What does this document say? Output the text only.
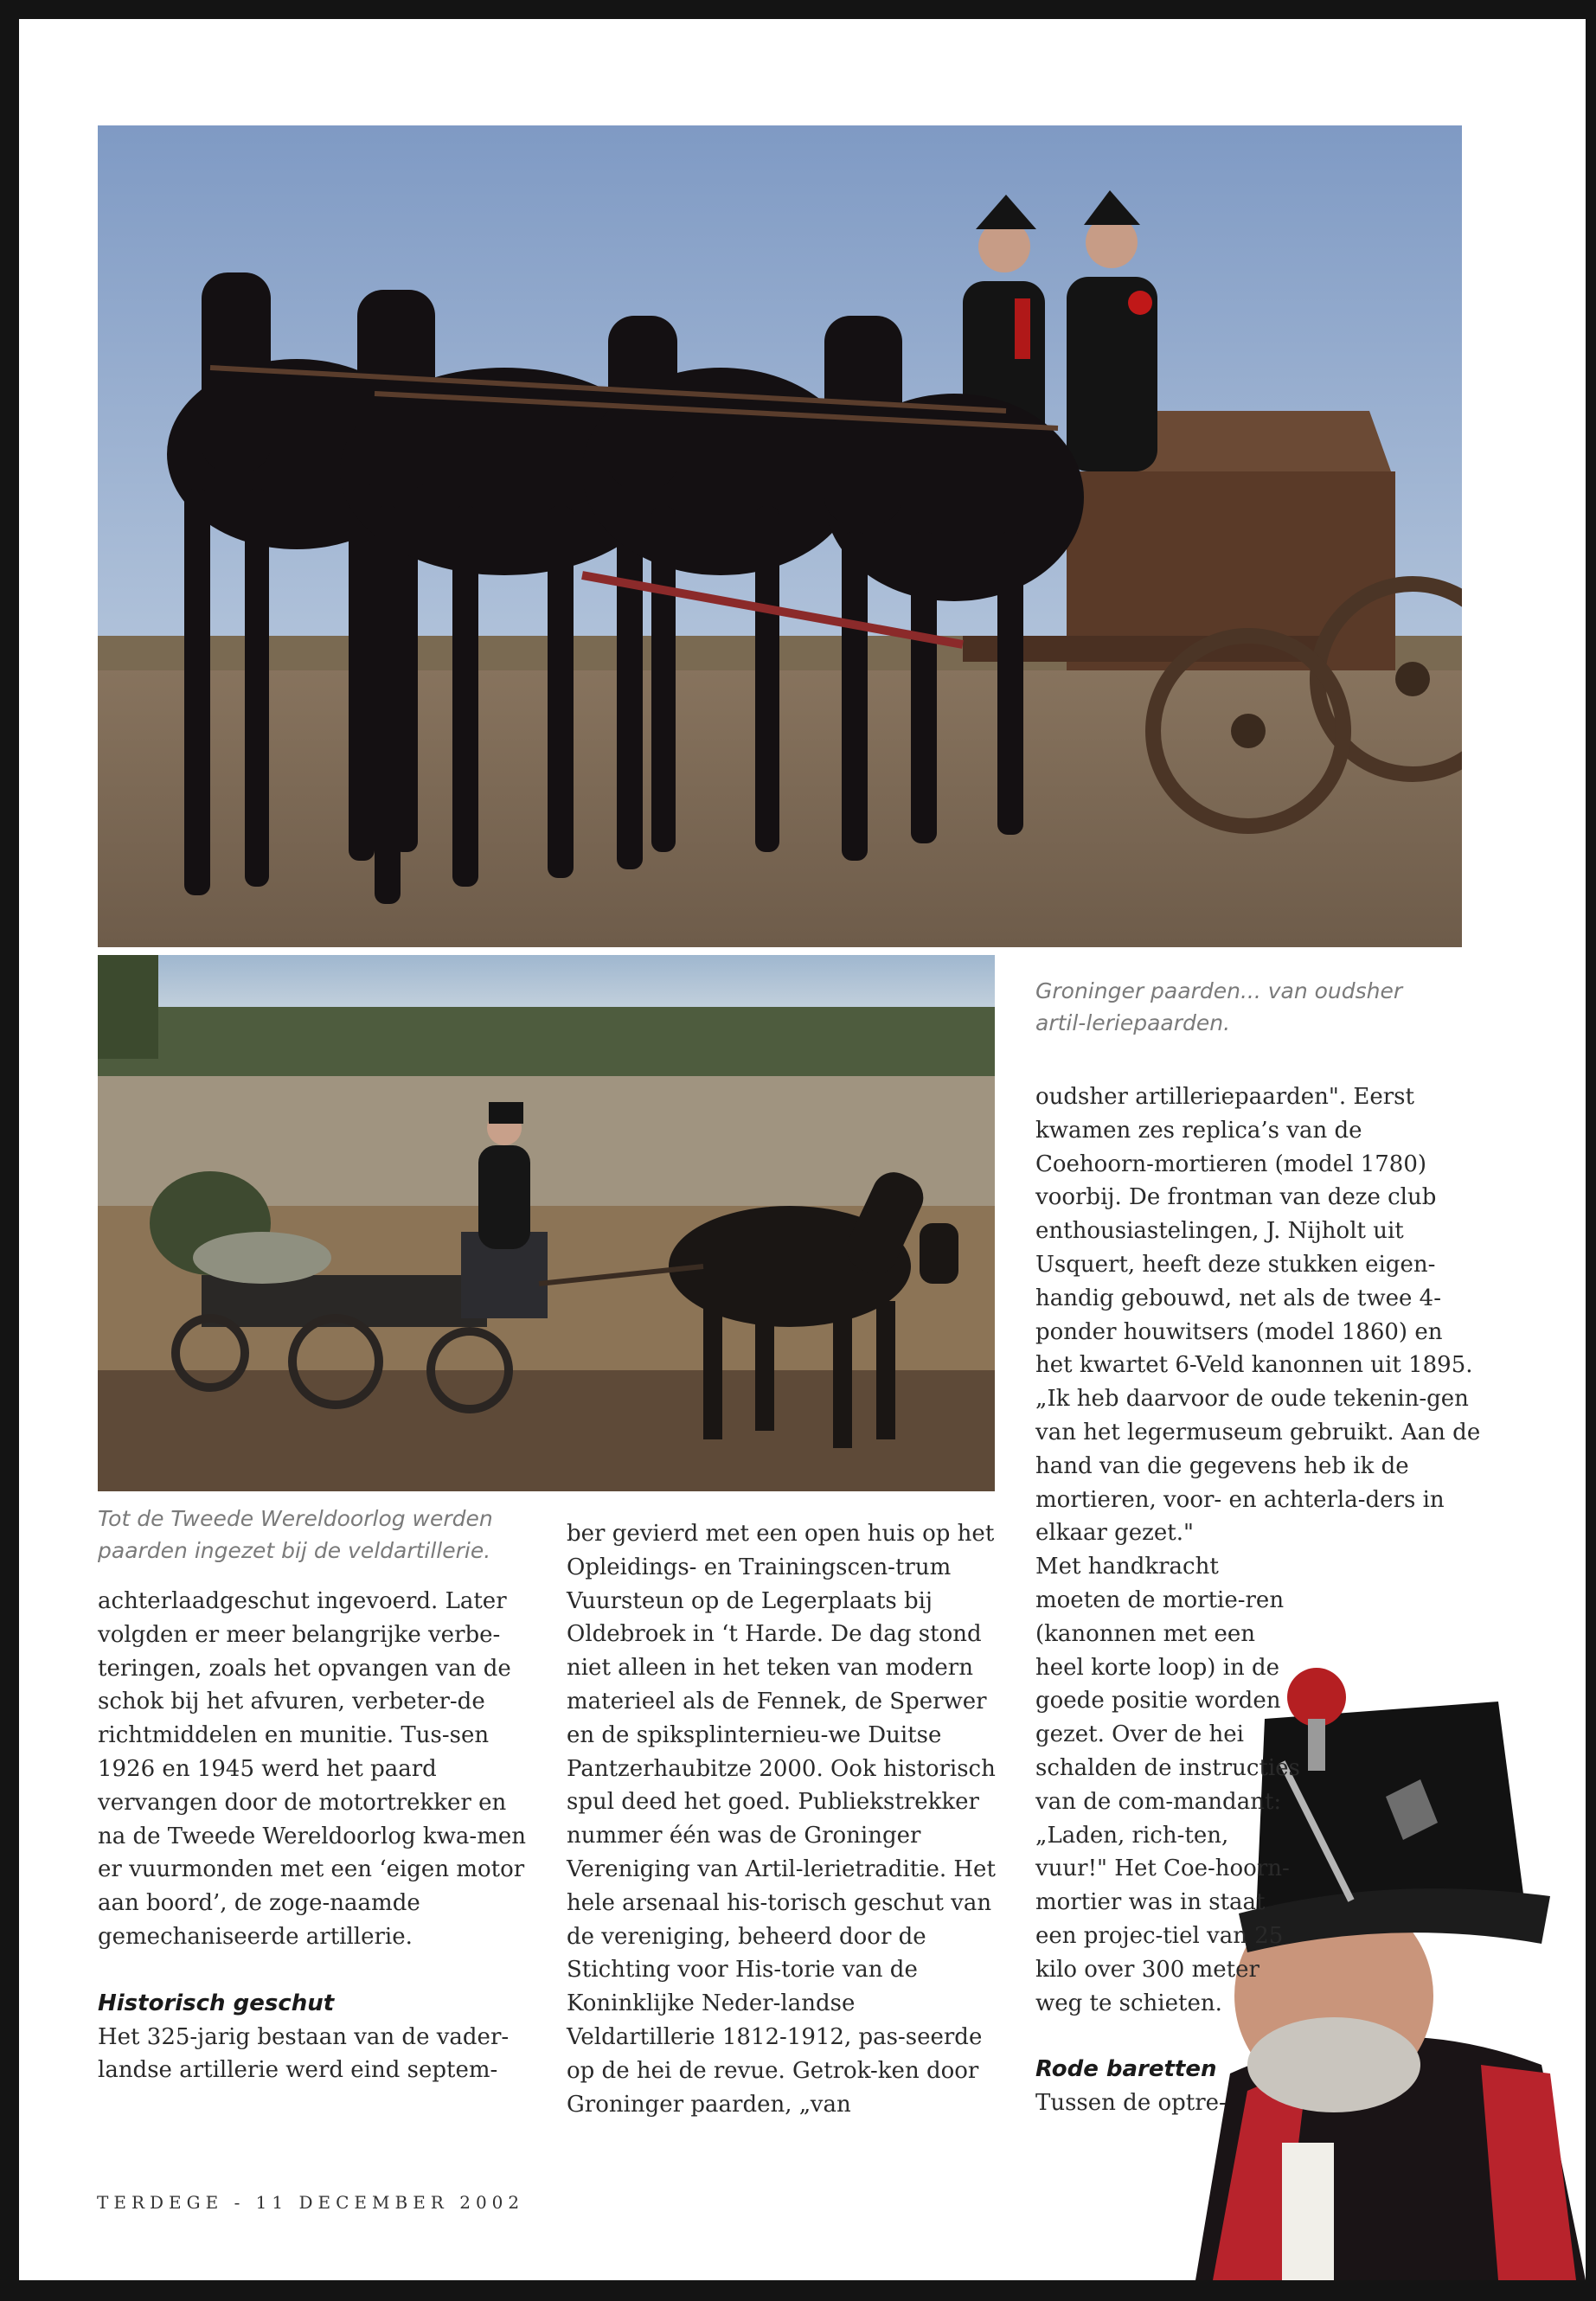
Groninger paarden... van oudsher artil-leriepaarden.
Tot de Tweede Wereldoorlog werden paarden ingezet bij de veldartillerie.

achterlaadgeschut ingevoerd. Later volgden er meer belangrijke verbe-teringen, zoals het opvangen van de schok bij het afvuren, verbeter-de richtmiddelen en munitie. Tus-sen 1926 en 1945 werd het paard vervangen door de motortrekker en na de Tweede Wereldoorlog kwa-men er vuurmonden met een ‘eigen motor aan boord’, de zoge-naamde gemechaniseerde artillerie.

Historisch geschut

Het 325-jarig bestaan van de vader-landse artillerie werd eind septem-

ber gevierd met een open huis op het Opleidings- en Trainingscen-trum Vuursteun op de Legerplaats bij Oldebroek in ‘t Harde. De dag stond niet alleen in het teken van modern materieel als de Fennek, de Sperwer en de spiksplinternieu-we Duitse Pantzerhaubitze 2000. Ook historisch spul deed het goed. Publiekstrekker nummer één was de Groninger Vereniging van Artil-lerietraditie. Het hele arsenaal his-torisch geschut van de vereniging, beheerd door de Stichting voor His-torie van de Koninklijke Neder-landse Veldartillerie 1812-1912, pas-seerde op de hei de revue. Getrok-ken door Groninger paarden, „van

oudsher artilleriepaarden". Eerst kwamen zes replica’s van de Coehoorn-mortieren (model 1780) voorbij. De frontman van deze club enthousiastelingen, J. Nijholt uit Usquert, heeft deze stukken eigen-handig gebouwd, net als de twee 4-ponder houwitsers (model 1860) en het kwartet 6-Veld kanonnen uit 1895.

„Ik heb daarvoor de oude tekenin-gen van het legermuseum gebruikt. Aan de hand van die gegevens heb ik de mortieren, voor- en achterla-ders in elkaar gezet."

Met handkracht moeten de mortie-ren (kanonnen met een heel korte loop) in de goede positie worden gezet. Over de hei schalden de instructies van de com-mandant: „Laden, rich-ten, vuur!" Het Coe-hoorn-mortier was in staat een projec-tiel van 25 kilo over 300 meter weg te schieten.

Rode baretten

Tussen de optre-

TERDEGE - 11 DECEMBER 2002
